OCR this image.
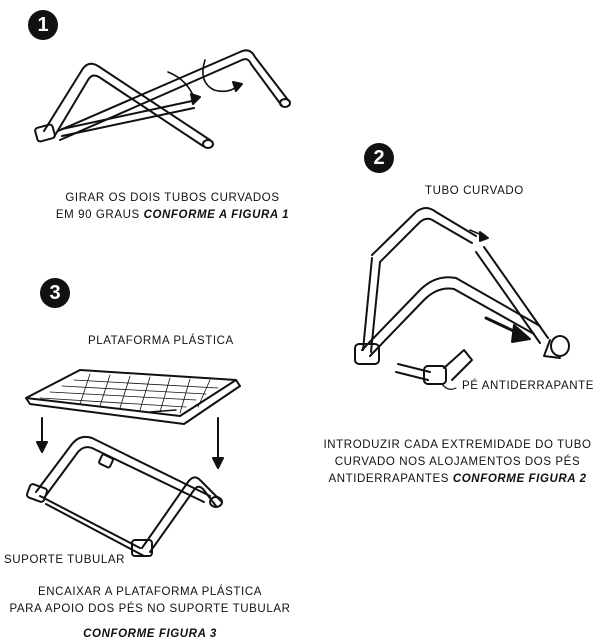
1
GIRAR OS DOIS TUBOS CURVADOS
EM 90 GRAUS CONFORME A FIGURA 1
2
TUBO CURVADO
PÉ ANTIDERRAPANTE
INTRODUZIR CADA EXTREMIDADE DO TUBO
CURVADO NOS ALOJAMENTOS DOS PÉS
ANTIDERRAPANTES CONFORME FIGURA 2
3
PLATAFORMA PLÁSTICA
SUPORTE TUBULAR
ENCAIXAR A PLATAFORMA PLÁSTICA
PARA APOIO DOS PÉS NO SUPORTE TUBULAR
CONFORME FIGURA 3
